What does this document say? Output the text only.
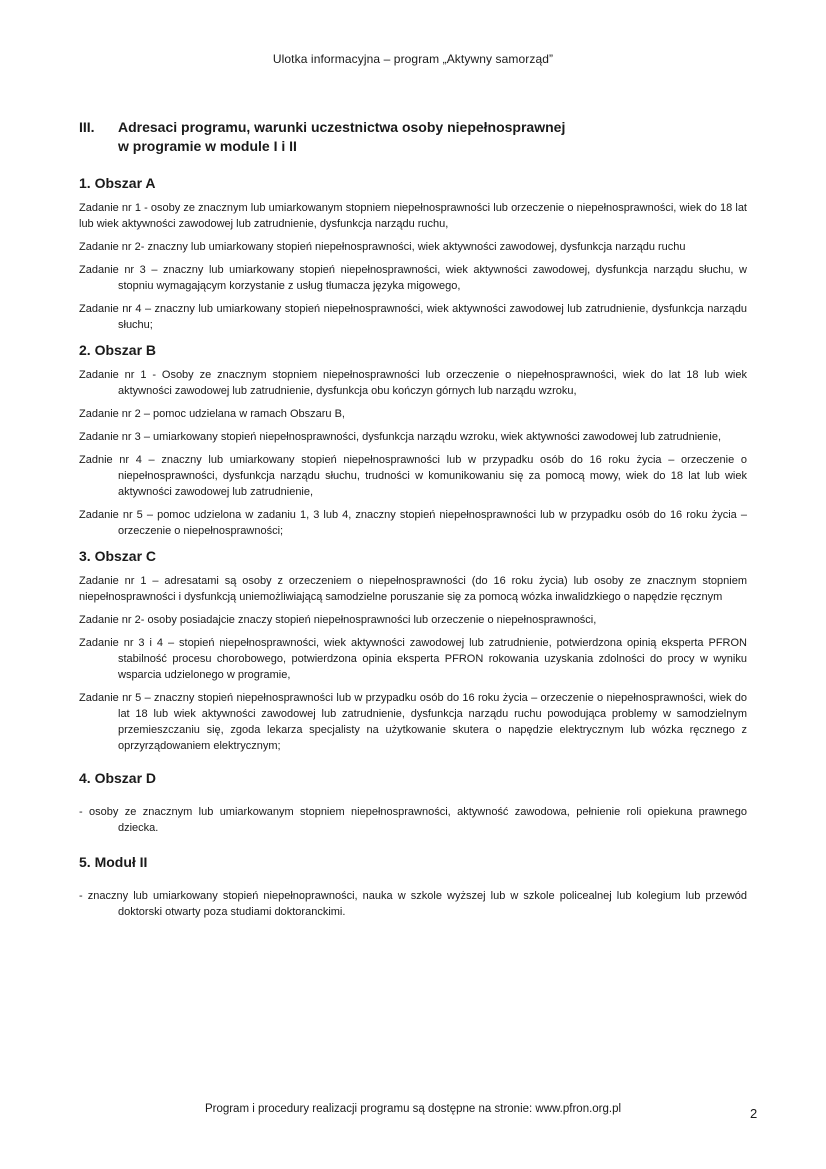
Ulotka informacyjna – program „Aktywny samorząd”
III.	Adresaci programu, warunki uczestnictwa osoby niepełnosprawnej
w programie w module I i II

1. Obszar A

Zadanie nr 1 - osoby ze znacznym lub umiarkowanym stopniem niepełnosprawności lub orzeczenie o niepełnosprawności, wiek do 18 lat lub wiek aktywności zawodowej lub zatrudnienie, dysfunkcja narządu ruchu,

Zadanie nr 2- znaczny lub umiarkowany stopień niepełnosprawności, wiek aktywności zawodowej, dysfunkcja narządu ruchu

Zadanie nr 3 – znaczny lub umiarkowany stopień niepełnosprawności, wiek aktywności zawodowej, dysfunkcja narządu słuchu, w stopniu wymagającym korzystanie z usług tłumacza języka migowego,

Zadanie nr 4 – znaczny lub umiarkowany stopień niepełnosprawności, wiek aktywności zawodowej lub zatrudnienie, dysfunkcja narządu słuchu;

2. Obszar B

Zadanie nr 1 - Osoby ze znacznym stopniem niepełnosprawności lub orzeczenie o niepełnosprawności, wiek do lat 18 lub wiek aktywności zawodowej lub zatrudnienie, dysfunkcja obu kończyn górnych lub narządu wzroku,

Zadanie nr 2 – pomoc udzielana w ramach Obszaru B,

Zadanie nr 3 – umiarkowany stopień niepełnosprawności, dysfunkcja narządu wzroku, wiek aktywności zawodowej lub zatrudnienie,

Zadnie nr 4 – znaczny lub umiarkowany stopień niepełnosprawności lub w przypadku osób do 16 roku życia – orzeczenie o niepełnosprawności, dysfunkcja narządu słuchu, trudności w komunikowaniu się za pomocą mowy, wiek do 18 lat lub wiek aktywności zawodowej lub zatrudnienie,

Zadanie nr 5 – pomoc udzielona w zadaniu 1, 3 lub 4, znaczny stopień niepełnosprawności lub w przypadku osób do 16 roku życia – orzeczenie o niepełnosprawności;

3. Obszar C

Zadanie nr 1 – adresatami są osoby z orzeczeniem o niepełnosprawności (do 16 roku życia) lub osoby ze znacznym stopniem niepełnosprawności i dysfunkcją uniemożliwiającą samodzielne poruszanie się za pomocą wózka inwalidzkiego o napędzie ręcznym

Zadanie nr 2- osoby posiadajcie znaczy stopień niepełnosprawności lub orzeczenie o niepełnosprawności,

Zadanie nr 3 i 4 – stopień niepełnosprawności, wiek aktywności zawodowej lub zatrudnienie, potwierdzona opinią eksperta PFRON stabilność procesu chorobowego, potwierdzona opinia eksperta PFRON rokowania uzyskania zdolności do procy w wyniku wsparcia udzielonego w programie,

Zadanie nr 5 – znaczny stopień niepełnosprawności lub w przypadku osób do 16 roku życia – orzeczenie o niepełnosprawności, wiek do lat 18 lub wiek aktywności zawodowej lub zatrudnienie, dysfunkcja narządu ruchu powodująca problemy w samodzielnym przemieszczaniu się, zgoda lekarza specjalisty na użytkowanie skutera o napędzie elektrycznym lub wózka ręcznego z oprzyrządowaniem elektrycznym;

4. Obszar D

- osoby ze znacznym lub umiarkowanym stopniem niepełnosprawności, aktywność zawodowa, pełnienie roli opiekuna prawnego dziecka.

5. Moduł II

- znaczny lub umiarkowany stopień niepełnoprawności, nauka w szkole wyższej lub w szkole policealnej lub kolegium lub przewód doktorski otwarty poza studiami doktoranckimi.

Program i procedury realizacji programu są dostępne na stronie: www.pfron.org.pl	2
